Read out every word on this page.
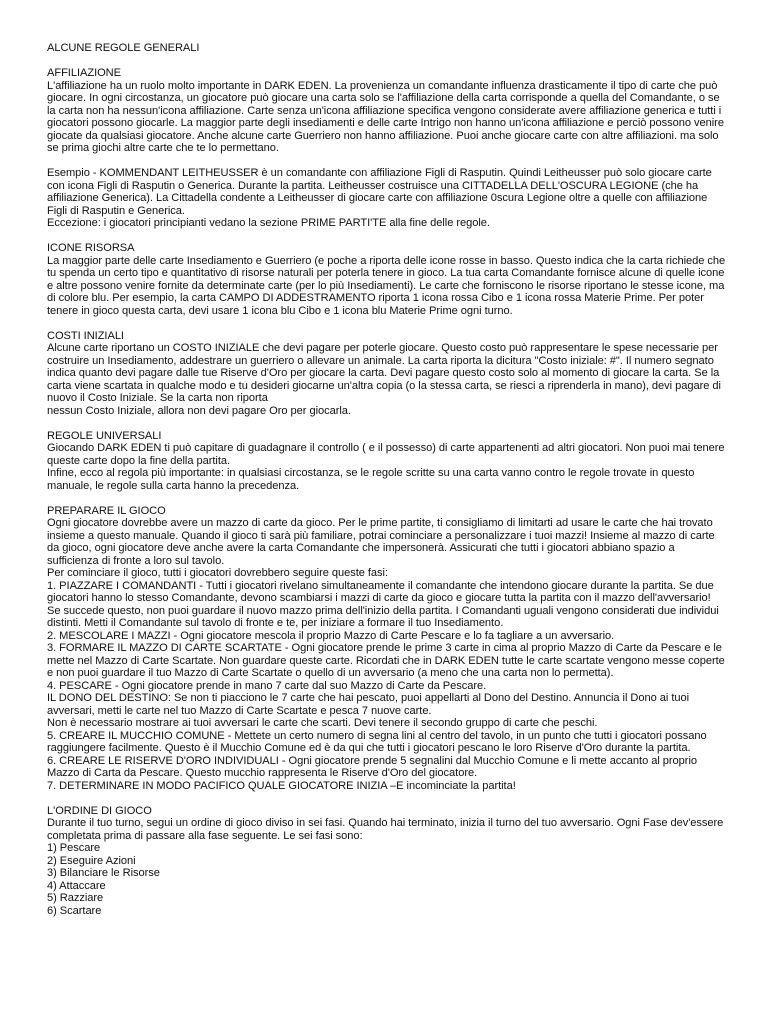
ALCUNE REGOLE GENERALI

AFFILIAZIONE

L'affiliazione ha un ruolo molto importante in DARK EDEN. La provenienza un comandante influenza drasticamente il tipo di carte che può giocare. In ogni circostanza, un giocatore può giocare una carta solo se l'affiliazione della carta corrisponde a quella del Comandante, o se la carta non ha nessun'icona affiliazione. Carte senza un'icona affiliazione specifica vengono considerate avere affiliazione generica e tutti i giocatori possono giocarle. La maggior parte degli insediamenti e delle carte Intrigo non hanno un'icona affiliazione e perciò possono venire giocate da qualsiasi giocatore. Anche alcune carte Guerriero non hanno affiliazione. Puoi anche giocare carte con altre affiliazioni. ma solo se prima giochi altre carte che te lo permettano.

Esempio - KOMMENDANT LEITHEUSSER è un comandante con affiliazione Figli di Rasputin. Quindi Leitheusser può solo giocare carte con icona Figli di Rasputin o Generica. Durante la partita. Leitheusser costruisce una CITTADELLA DELL'OSCURA LEGIONE (che ha affiliazione Generica). La Cittadella condente a Leitheusser di giocare carte con affiliazione 0scura Legione oltre a quelle con affiliazione Figli di Rasputin e Generica.

Eccezione: i giocatori principianti vedano la sezione PRIME PARTI'TE alla fine delle regole.

ICONE RISORSA

La maggior parte delle carte Insediamento e Guerriero (e poche a riporta delle icone rosse in basso. Questo indica che la carta richiede che tu spenda un certo tipo e quantitativo di risorse naturali per poterla tenere in gioco. La tua carta Comandante fornisce alcune di quelle icone e altre possono venire fornite da determinate carte (per lo più Insediamenti). Le carte che forniscono le risorse riportano le stesse icone, ma di colore blu. Per esempio, la carta CAMPO DI ADDESTRAMENTO riporta 1 icona rossa Cibo e 1 icona rossa Materie Prime. Per poter tenere in gioco questa carta, devi usare 1 icona blu Cibo e 1 icona blu Materie Prime ogni turno.

COSTI INIZIALI

Alcune carte riportano un COSTO INIZIALE che devi pagare per poterle giocare. Questo costo può rappresentare le spese necessarie per costruire un Insediamento, addestrare un guerriero o allevare un animale. La carta riporta la dicitura "Costo iniziale: #". Il numero segnato indica quanto devi pagare dalle tue Riserve d'Oro per giocare la carta. Devi pagare questo costo solo al momento di giocare la carta. Se la carta viene scartata in qualche modo e tu desideri giocarne un'altra copia (o la stessa carta, se riesci a riprenderla in mano), devi pagare di nuovo il Costo Iniziale. Se la carta non riporta

nessun Costo Iniziale, allora non devi pagare Oro per giocarla.

REGOLE UNIVERSALI

Giocando DARK EDEN ti può capitare di guadagnare il controllo ( e il possesso) di carte appartenenti ad altri giocatori. Non puoi mai tenere queste carte dopo la fine della partita.

Infine, ecco al regola più importante: in qualsiasi circostanza, se le regole scritte su una carta vanno contro le regole trovate in questo manuale, le regole sulla carta hanno la precedenza.

PREPARARE IL GIOCO

Ogni giocatore dovrebbe avere un mazzo di carte da gioco. Per le prime partite, ti consigliamo di limitarti ad usare le carte che hai trovato insieme a questo manuale. Quando il gioco ti sarà più familiare, potrai cominciare a personalizzare i tuoi mazzi! Insieme al mazzo di carte da gioco, ogni giocatore deve anche avere la carta Comandante che impersonerà. Assicurati che tutti i giocatori abbiano spazio a sufficienza di fronte a loro sul tavolo.

Per cominciare il gioco, tutti i giocatori dovrebbero seguire queste fasi:

1. PIAZZARE I COMANDANTI - Tutti i giocatori rivelano simultaneamente il comandante che intendono giocare durante la partita. Se due giocatori hanno lo stesso Comandante, devono scambiarsi i mazzi di carte da gioco e giocare tutta la partita con il mazzo dell'avversario! Se succede questo, non puoi guardare il nuovo mazzo prima dell'inizio della partita. I Comandanti uguali vengono considerati due individui distinti. Metti il Comandante sul tavolo di fronte e te, per iniziare a formare il tuo Insediamento.

2. MESCOLARE I MAZZI - Ogni giocatore mescola il proprio Mazzo di Carte Pescare e lo fa tagliare a un avversario.

3. FORMARE IL MAZZO DI CARTE SCARTATE - Ogni giocatore prende le prime 3 carte in cima al proprio Mazzo di Carte da Pescare e le mette nel Mazzo di Carte Scartate. Non guardare queste carte. Ricordati che in DARK EDEN tutte le carte scartate vengono messe coperte e non puoi guardare il tuo Mazzo di Carte Scartate o quello di un avversario (a meno che una carta non lo permetta).

4. PESCARE - Ogni giocatore prende in mano 7 carte dal suo Mazzo di Carte da Pescare.

IL DONO DEL DESTINO: Se non ti piacciono le 7 carte che hai pescato, puoi appellarti al Dono del Destino. Annuncia il Dono ai tuoi avversari, metti le carte nel tuo Mazzo di Carte Scartate e pesca 7 nuove carte.

Non è necessario mostrare ai tuoi avversari le carte che scarti. Devi tenere il secondo gruppo di carte che peschi.

5. CREARE IL MUCCHIO COMUNE - Mettete un certo numero di segna lini al centro del tavolo, in un punto che tutti i giocatori possano raggiungere facilmente. Questo è il Mucchio Comune ed è da qui che tutti i giocatori pescano le loro Riserve d'Oro durante la partita.

6. CREARE LE RISERVE D'ORO INDIVIDUALI - Ogni giocatore prende 5 segnalini dal Mucchio Comune e li mette accanto al proprio Mazzo di Carta da Pescare. Questo mucchio rappresenta le Riserve d'Oro del giocatore.

7. DETERMINARE IN MODO PACIFICO QUALE GIOCATORE INIZIA –E incominciate la partita!

L'ORDINE DI GIOCO

Durante il tuo turno, segui un ordine di gioco diviso in sei fasi. Quando hai terminato, inizia il turno del tuo avversario. Ogni Fase dev'essere completata prima di passare alla fase seguente. Le sei fasi sono:

1) Pescare
2) Eseguire Azioni
3) Bilanciare le Risorse
4) Attaccare
5) Razziare
6) Scartare
